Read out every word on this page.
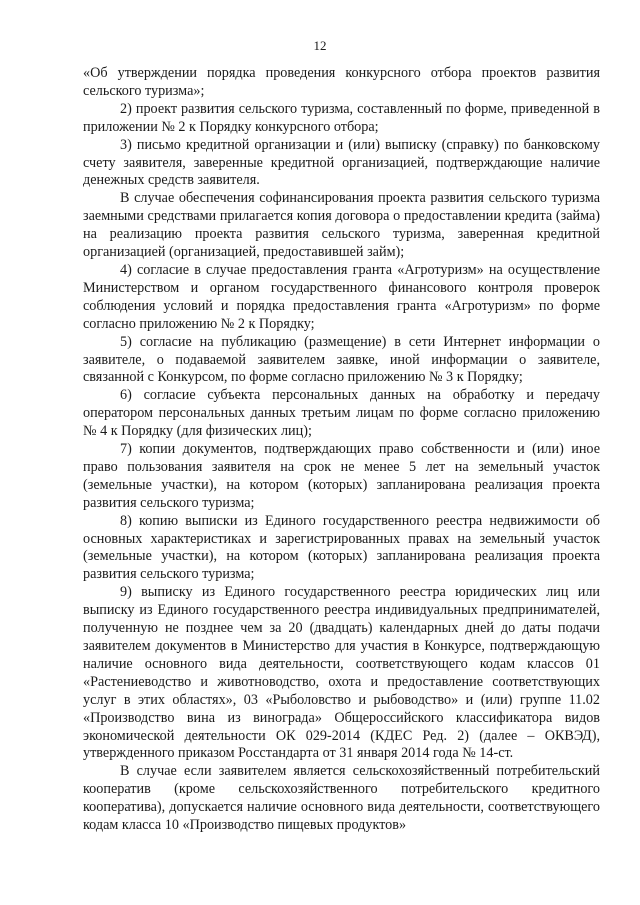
12

«Об утверждении порядка проведения конкурсного отбора проектов развития сельского туризма»;

2) проект развития сельского туризма, составленный по форме, приведенной в приложении № 2 к Порядку конкурсного отбора;

3) письмо кредитной организации и (или) выписку (справку) по банковскому счету заявителя, заверенные кредитной организацией, подтверждающие наличие денежных средств заявителя.

В случае обеспечения софинансирования проекта развития сельского туризма заемными средствами прилагается копия договора о предоставлении кредита (займа) на реализацию проекта развития сельского туризма, заверенная кредитной организацией (организацией, предоставившей займ);

4) согласие в случае предоставления гранта «Агротуризм» на осуществление Министерством и органом государственного финансового контроля проверок соблюдения условий и порядка предоставления гранта «Агротуризм» по форме согласно приложению № 2 к Порядку;

5) согласие на публикацию (размещение) в сети Интернет информации о заявителе, о подаваемой заявителем заявке, иной информации о заявителе, связанной с Конкурсом, по форме согласно приложению № 3 к Порядку;

6) согласие субъекта персональных данных на обработку и передачу оператором персональных данных третьим лицам по форме согласно приложению № 4 к Порядку (для физических лиц);

7) копии документов, подтверждающих право собственности и (или) иное право пользования заявителя на срок не менее 5 лет на земельный участок (земельные участки), на котором (которых) запланирована реализация проекта развития сельского туризма;

8) копию выписки из Единого государственного реестра недвижимости об основных характеристиках и зарегистрированных правах на земельный участок (земельные участки), на котором (которых) запланирована реализация проекта развития сельского туризма;

9) выписку из Единого государственного реестра юридических лиц или выписку из Единого государственного реестра индивидуальных предпринимателей, полученную не позднее чем за 20 (двадцать) календарных дней до даты подачи заявителем документов в Министерство для участия в Конкурсе, подтверждающую наличие основного вида деятельности, соответствующего кодам классов 01 «Растениеводство и животноводство, охота и предоставление соответствующих услуг в этих областях», 03 «Рыболовство и рыбоводство» и (или) группе 11.02 «Производство вина из винограда» Общероссийского классификатора видов экономической деятельности ОК 029-2014 (КДЕС Ред. 2) (далее – ОКВЭД), утвержденного приказом Росстандарта от 31 января 2014 года № 14-ст.

В случае если заявителем является сельскохозяйственный потребительский кооператив (кроме сельскохозяйственного потребительского кредитного кооператива), допускается наличие основного вида деятельности, соответствующего кодам класса 10 «Производство пищевых продуктов»
